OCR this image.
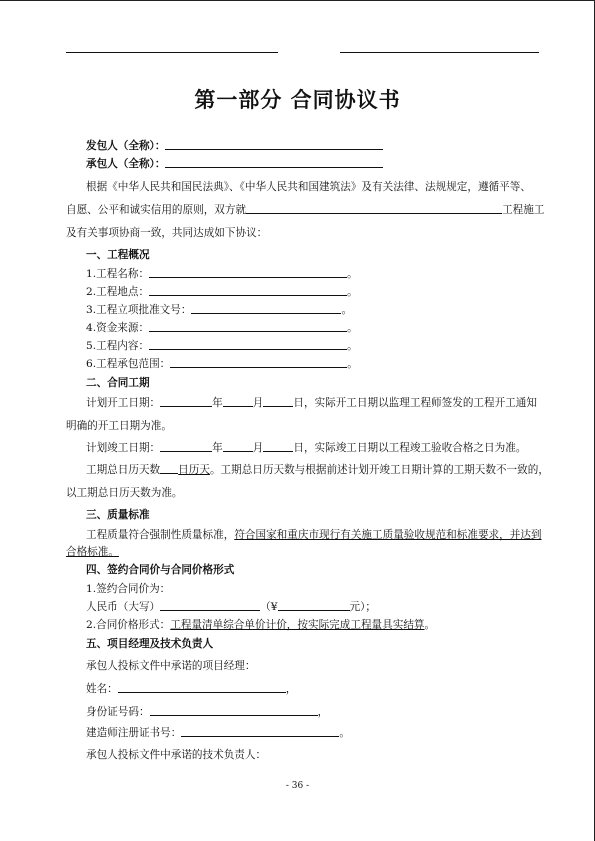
第一部分 合同协议书
发包人（全称）：
承包人（全称）：
根据《中华人民共和国民法典》、《中华人民共和国建筑法》及有关法律、法规规定，遵循平等、
自愿、公平和诚实信用的原则，双方就	工程施工
及有关事项协商一致，共同达成如下协议：
一、工程概况
1.工程名称：	。
2.工程地点：	。
3.工程立项批准文号：	。
4.资金来源：	。
5.工程内容：	。
6.工程承包范围：	。
二、合同工期
计划开工日期：	年	月	日，实际开工日期以监理工程师签发的工程开工通知
明确的开工日期为准。
计划竣工日期：	年	月	日，实际竣工日期以工程竣工验收合格之日为准。
工期总日历天数 日历天。工期总日历天数与根据前述计划开竣工日期计算的工期天数不一致的，
以工期总日历天数为准。
三、质量标准
工程质量符合强制性质量标准，符合国家和重庆市现行有关施工质量验收规范和标准要求，并达到
合格标准。
四、签约合同价与合同价格形式
1.签约合同价为：
人民币（大写）	（¥	元）；
2.合同价格形式：工程量清单综合单价计价，按实际完成工程量具实结算。
五、项目经理及技术负责人
承包人投标文件中承诺的项目经理：
姓名：	，
身份证号码：	，
建造师注册证书号：	。
承包人投标文件中承诺的技术负责人：
- 36 -
